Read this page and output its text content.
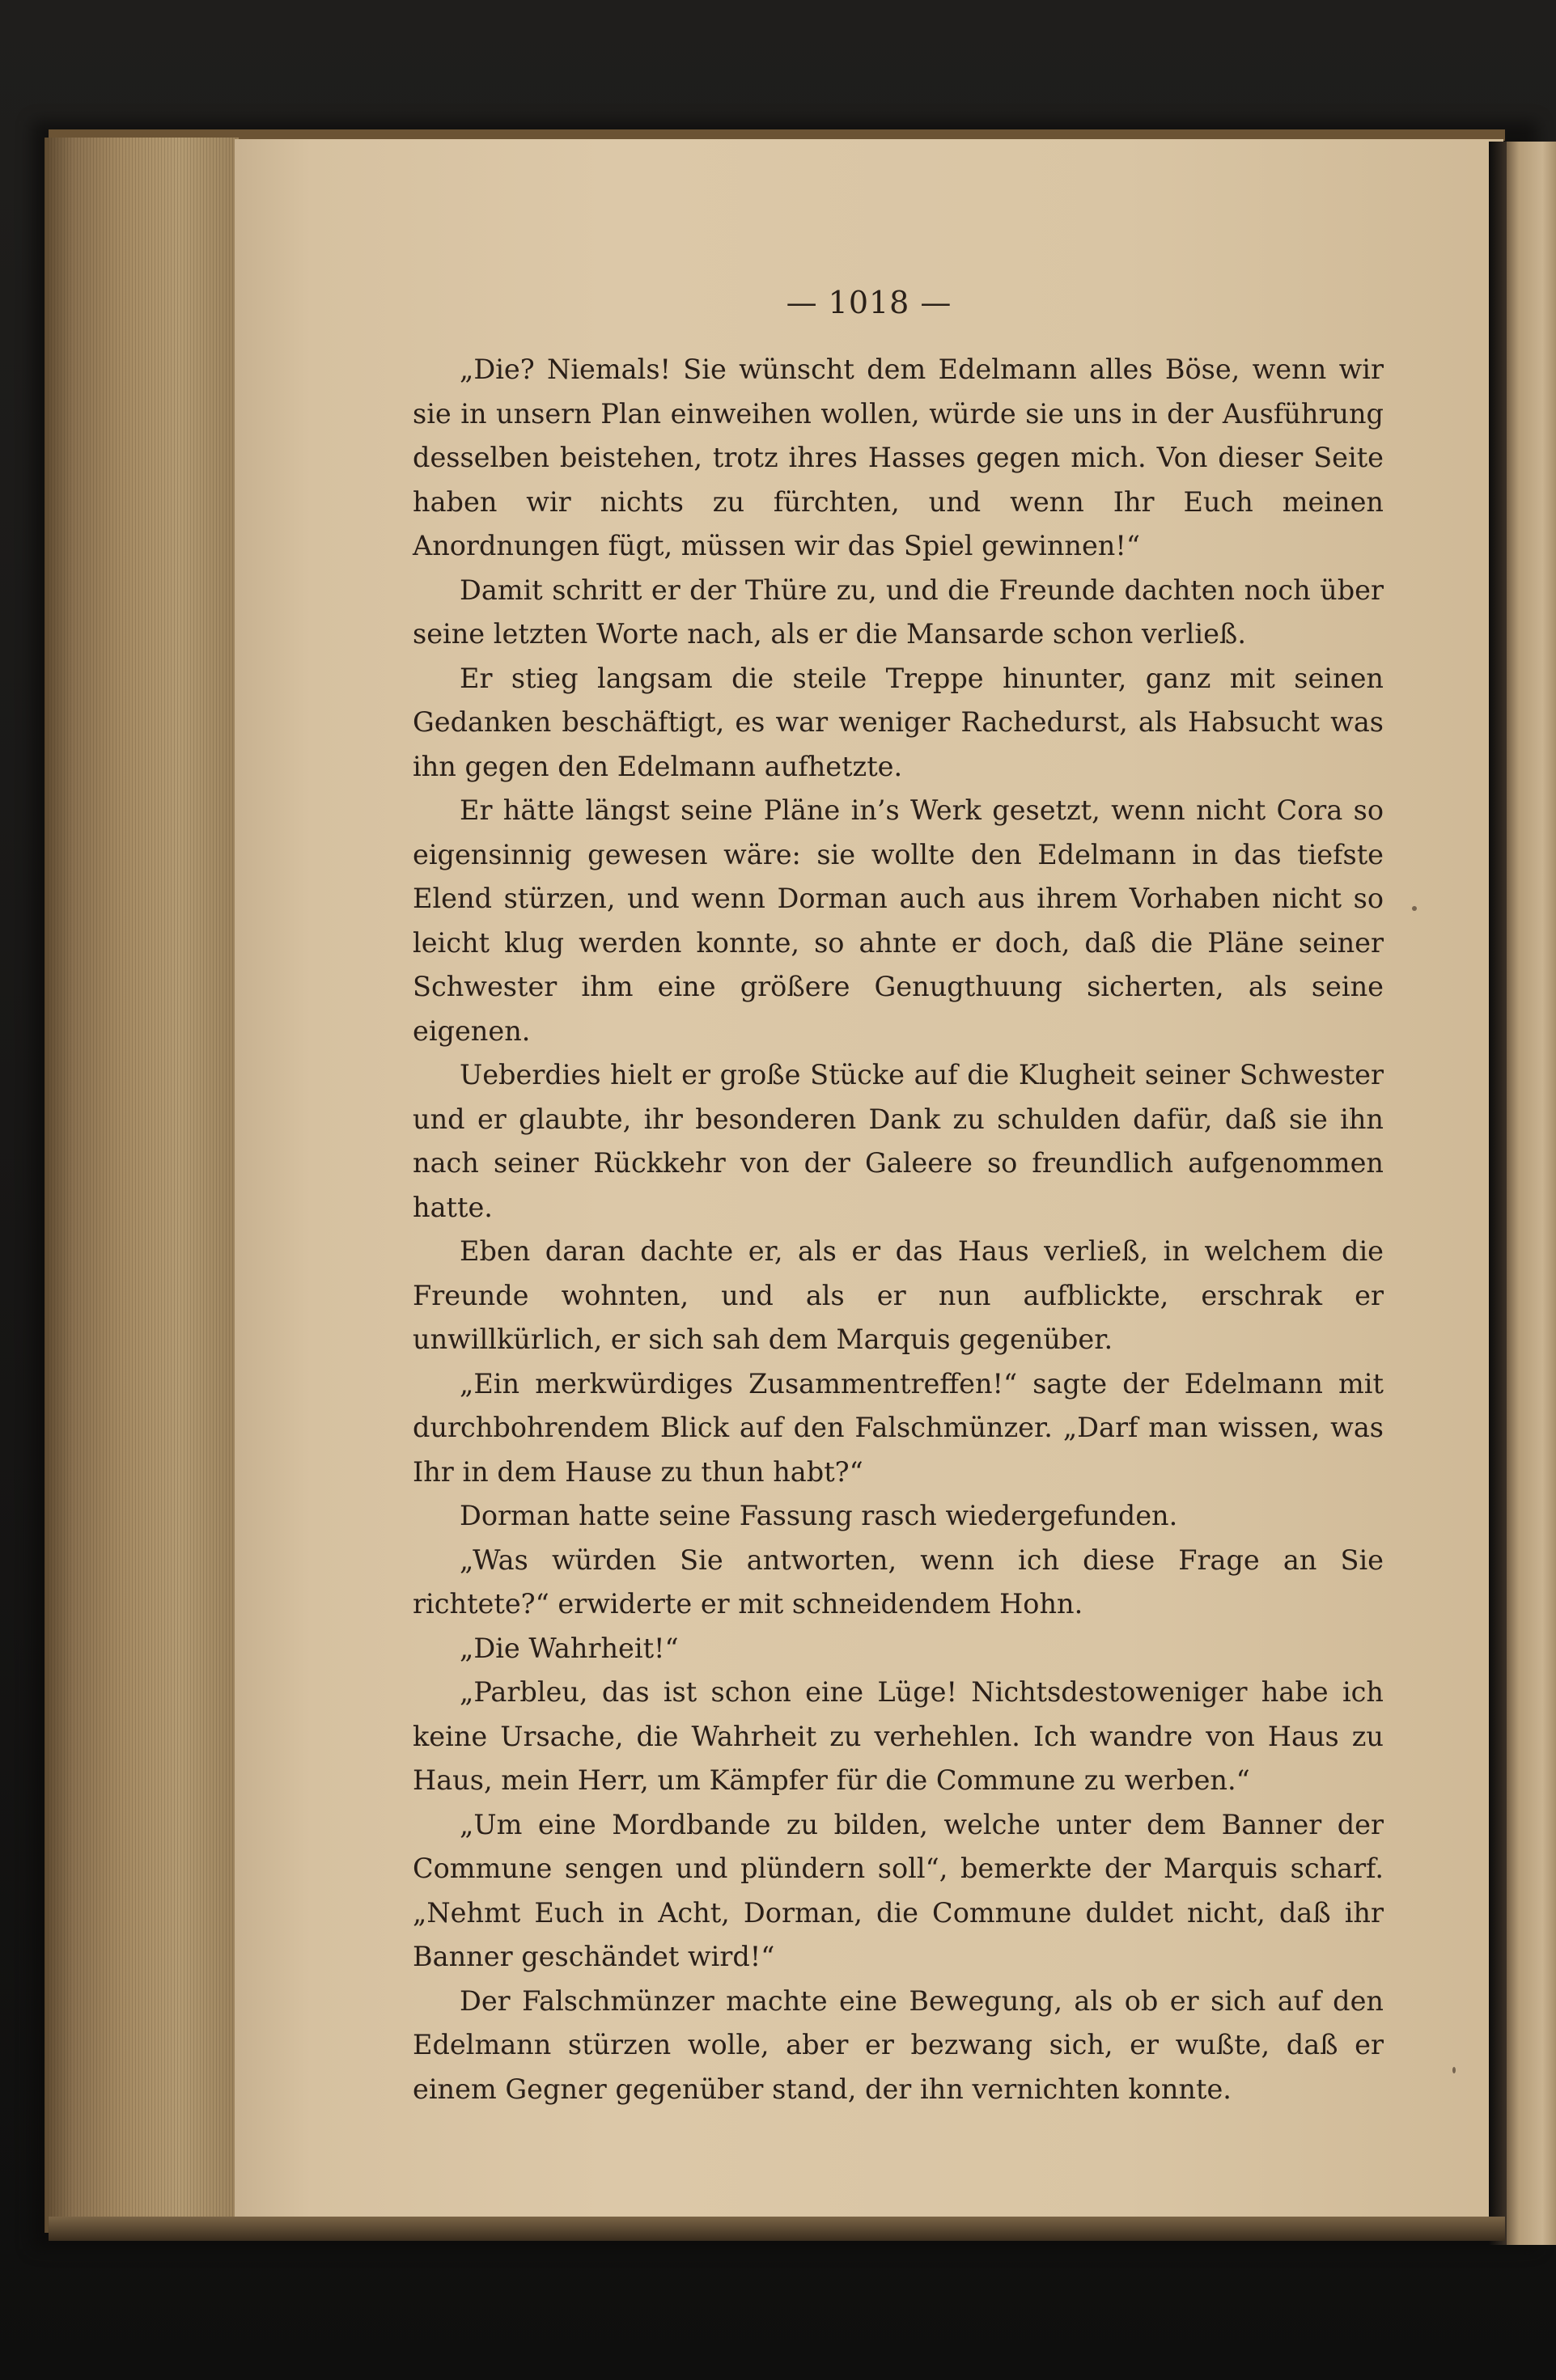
— 1018 —

„Die? Niemals! Sie wünscht dem Edelmann alles Böse, wenn wir sie in unsern Plan einweihen wollen, würde sie uns in der Ausführung desselben beistehen, trotz ihres Hasses gegen mich. Von dieser Seite haben wir nichts zu fürchten, und wenn Ihr Euch meinen Anordnungen fügt, müssen wir das Spiel gewinnen!“

Damit schritt er der Thüre zu, und die Freunde dachten noch über seine letzten Worte nach, als er die Mansarde schon verließ.

Er stieg langsam die steile Treppe hinunter, ganz mit seinen Gedanken beschäftigt, es war weniger Rachedurst, als Habsucht was ihn gegen den Edelmann aufhetzte.

Er hätte längst seine Pläne in’s Werk gesetzt, wenn nicht Cora so eigensinnig gewesen wäre: sie wollte den Edelmann in das tiefste Elend stürzen, und wenn Dorman auch aus ihrem Vorhaben nicht so leicht klug werden konnte, so ahnte er doch, daß die Pläne seiner Schwester ihm eine größere Genugthuung sicherten, als seine eigenen.

Ueberdies hielt er große Stücke auf die Klugheit seiner Schwester und er glaubte, ihr besonderen Dank zu schulden dafür, daß sie ihn nach seiner Rückkehr von der Galeere so freundlich aufgenommen hatte.

Eben daran dachte er, als er das Haus verließ, in welchem die Freunde wohnten, und als er nun aufblickte, erschrak er unwillkürlich, er sich sah dem Marquis gegenüber.

„Ein merkwürdiges Zusammentreffen!“ sagte der Edelmann mit durchbohrendem Blick auf den Falschmünzer. „Darf man wissen, was Ihr in dem Hause zu thun habt?“

Dorman hatte seine Fassung rasch wiedergefunden.

„Was würden Sie antworten, wenn ich diese Frage an Sie richtete?“ erwiderte er mit schneidendem Hohn.

„Die Wahrheit!“

„Parbleu, das ist schon eine Lüge! Nichtsdestoweniger habe ich keine Ursache, die Wahrheit zu verhehlen. Ich wandre von Haus zu Haus, mein Herr, um Kämpfer für die Commune zu werben.“

„Um eine Mordbande zu bilden, welche unter dem Banner der Commune sengen und plündern soll“, bemerkte der Marquis scharf. „Nehmt Euch in Acht, Dorman, die Commune duldet nicht, daß ihr Banner geschändet wird!“

Der Falschmünzer machte eine Bewegung, als ob er sich auf den Edelmann stürzen wolle, aber er bezwang sich, er wußte, daß er einem Gegner gegenüber stand, der ihn vernichten konnte.
